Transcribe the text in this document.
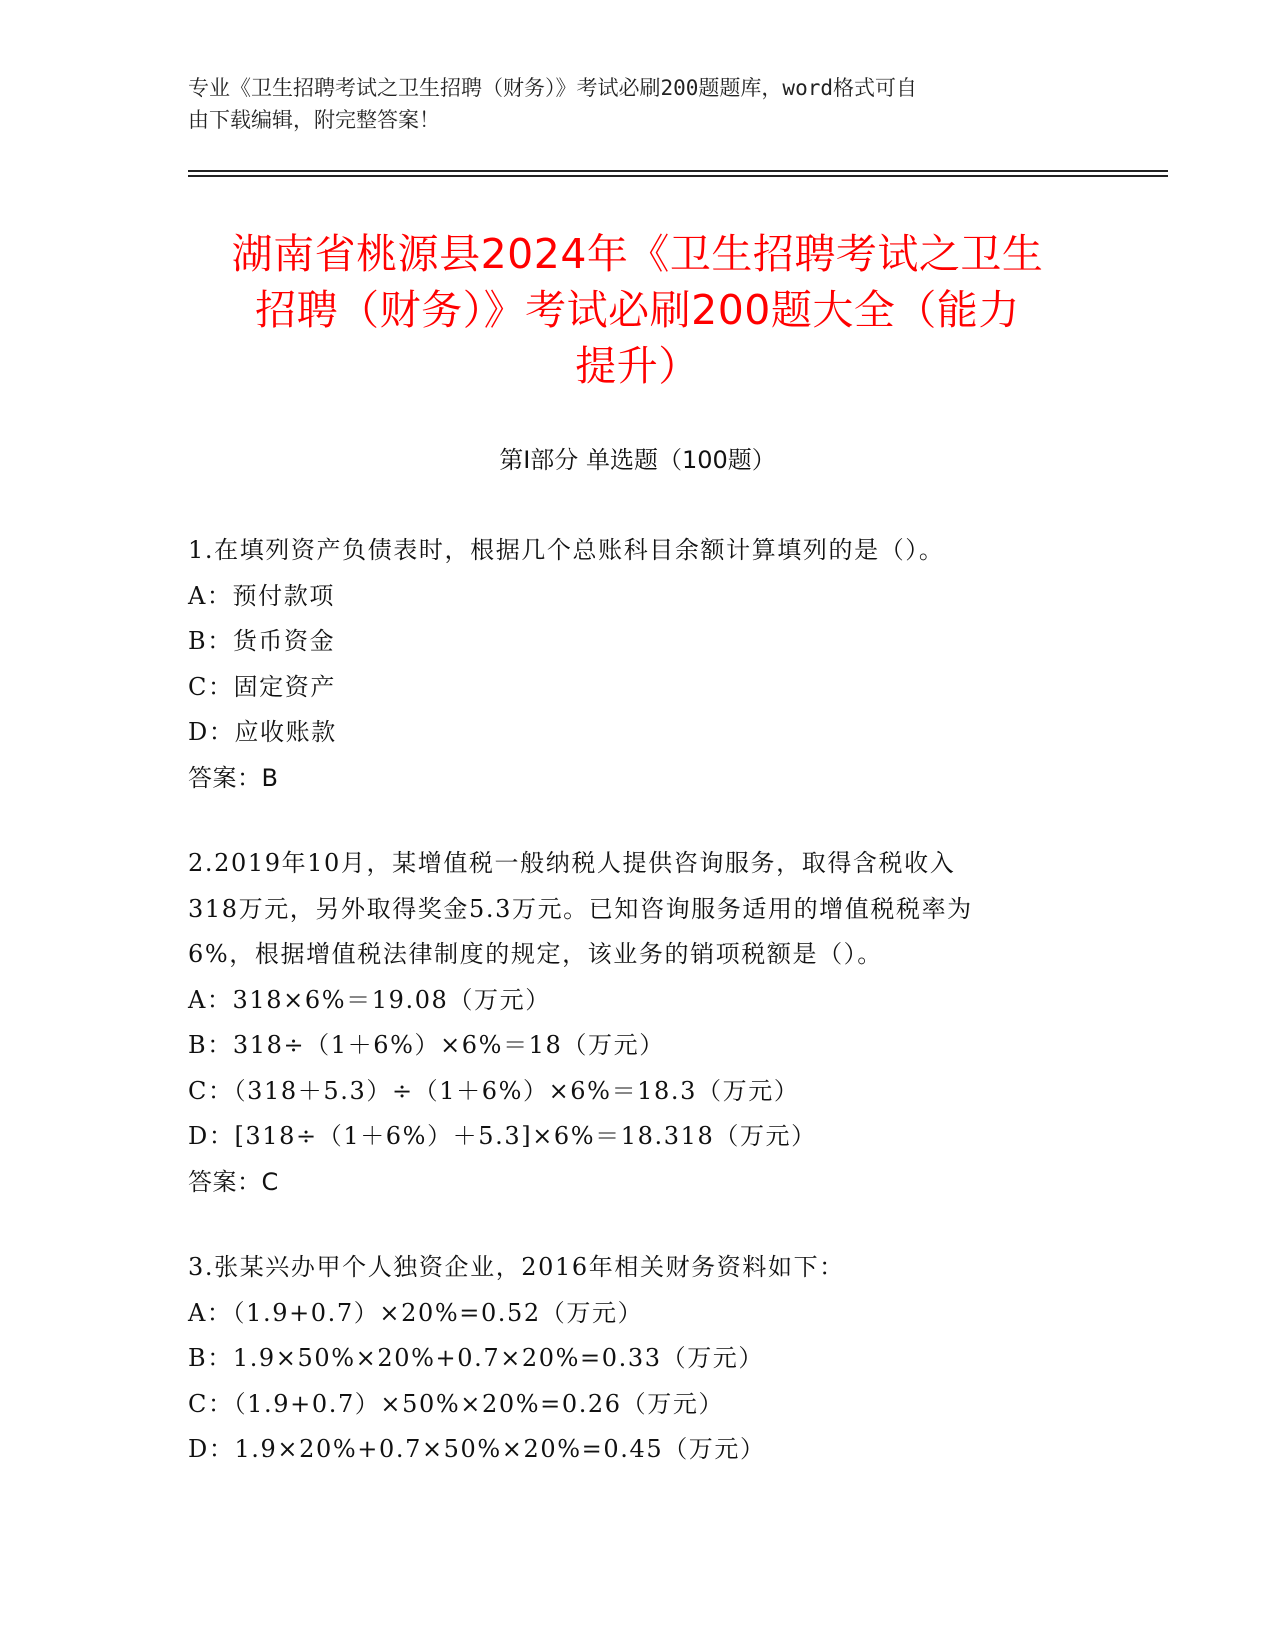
专业《卫生招聘考试之卫生招聘（财务）》考试必刷200题题库，word格式可自
由下载编辑，附完整答案！
湖南省桃源县2024年《卫生招聘考试之卫生
招聘（财务）》考试必刷200题大全（能力
提升）
第Ⅰ部分 单选题（100题）
1.在填列资产负债表时，根据几个总账科目余额计算填列的是（）。
A：预付款项
B：货币资金
C：固定资产
D：应收账款
答案：B
2.2019年10月，某增值税一般纳税人提供咨询服务，取得含税收入
318万元，另外取得奖金5.3万元。已知咨询服务适用的增值税税率为
6%，根据增值税法律制度的规定，该业务的销项税额是（）。
A：318×6%＝19.08（万元）
B：318÷（1＋6%）×6%＝18（万元）
C：（318＋5.3）÷（1＋6%）×6%＝18.3（万元）
D：[318÷（1＋6%）＋5.3]×6%＝18.318（万元）
答案：C
3.张某兴办甲个人独资企业，2016年相关财务资料如下：
A：（1.9+0.7）×20%=0.52（万元）
B：1.9×50%×20%+0.7×20%=0.33（万元）
C：（1.9+0.7）×50%×20%=0.26（万元）
D：1.9×20%+0.7×50%×20%=0.45（万元）
